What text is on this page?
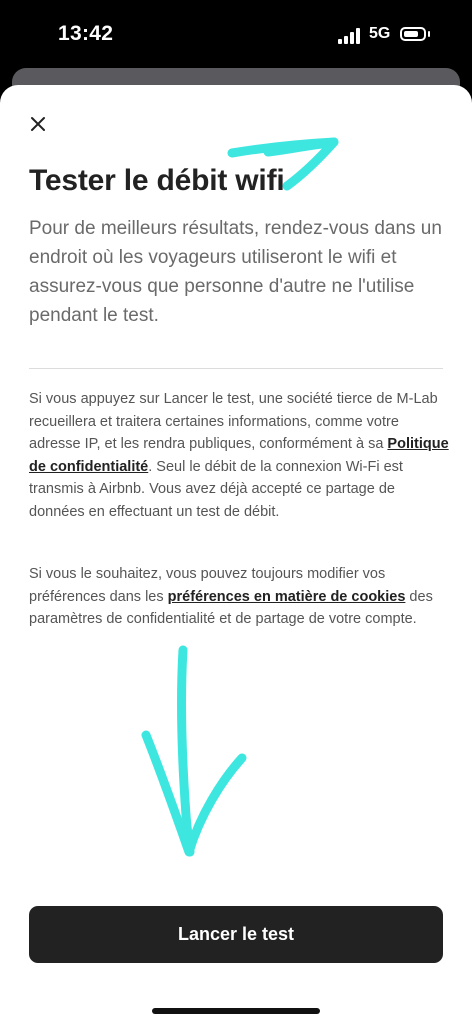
13:42	5G
Tester le débit wifi

Pour de meilleurs résultats, rendez-vous dans un endroit où les voyageurs utiliseront le wifi et assurez-vous que personne d'autre ne l'utilise pendant le test.

Si vous appuyez sur Lancer le test, une société tierce de M-Lab recueillera et traitera certaines informations, comme votre adresse IP, et les rendra publiques, conformément à sa Politique de confidentialité. Seul le débit de la connexion Wi-Fi est transmis à Airbnb. Vous avez déjà accepté ce partage de données en effectuant un test de débit.

Si vous le souhaitez, vous pouvez toujours modifier vos préférences dans les préférences en matière de cookies des paramètres de confidentialité et de partage de votre compte.

Lancer le test
